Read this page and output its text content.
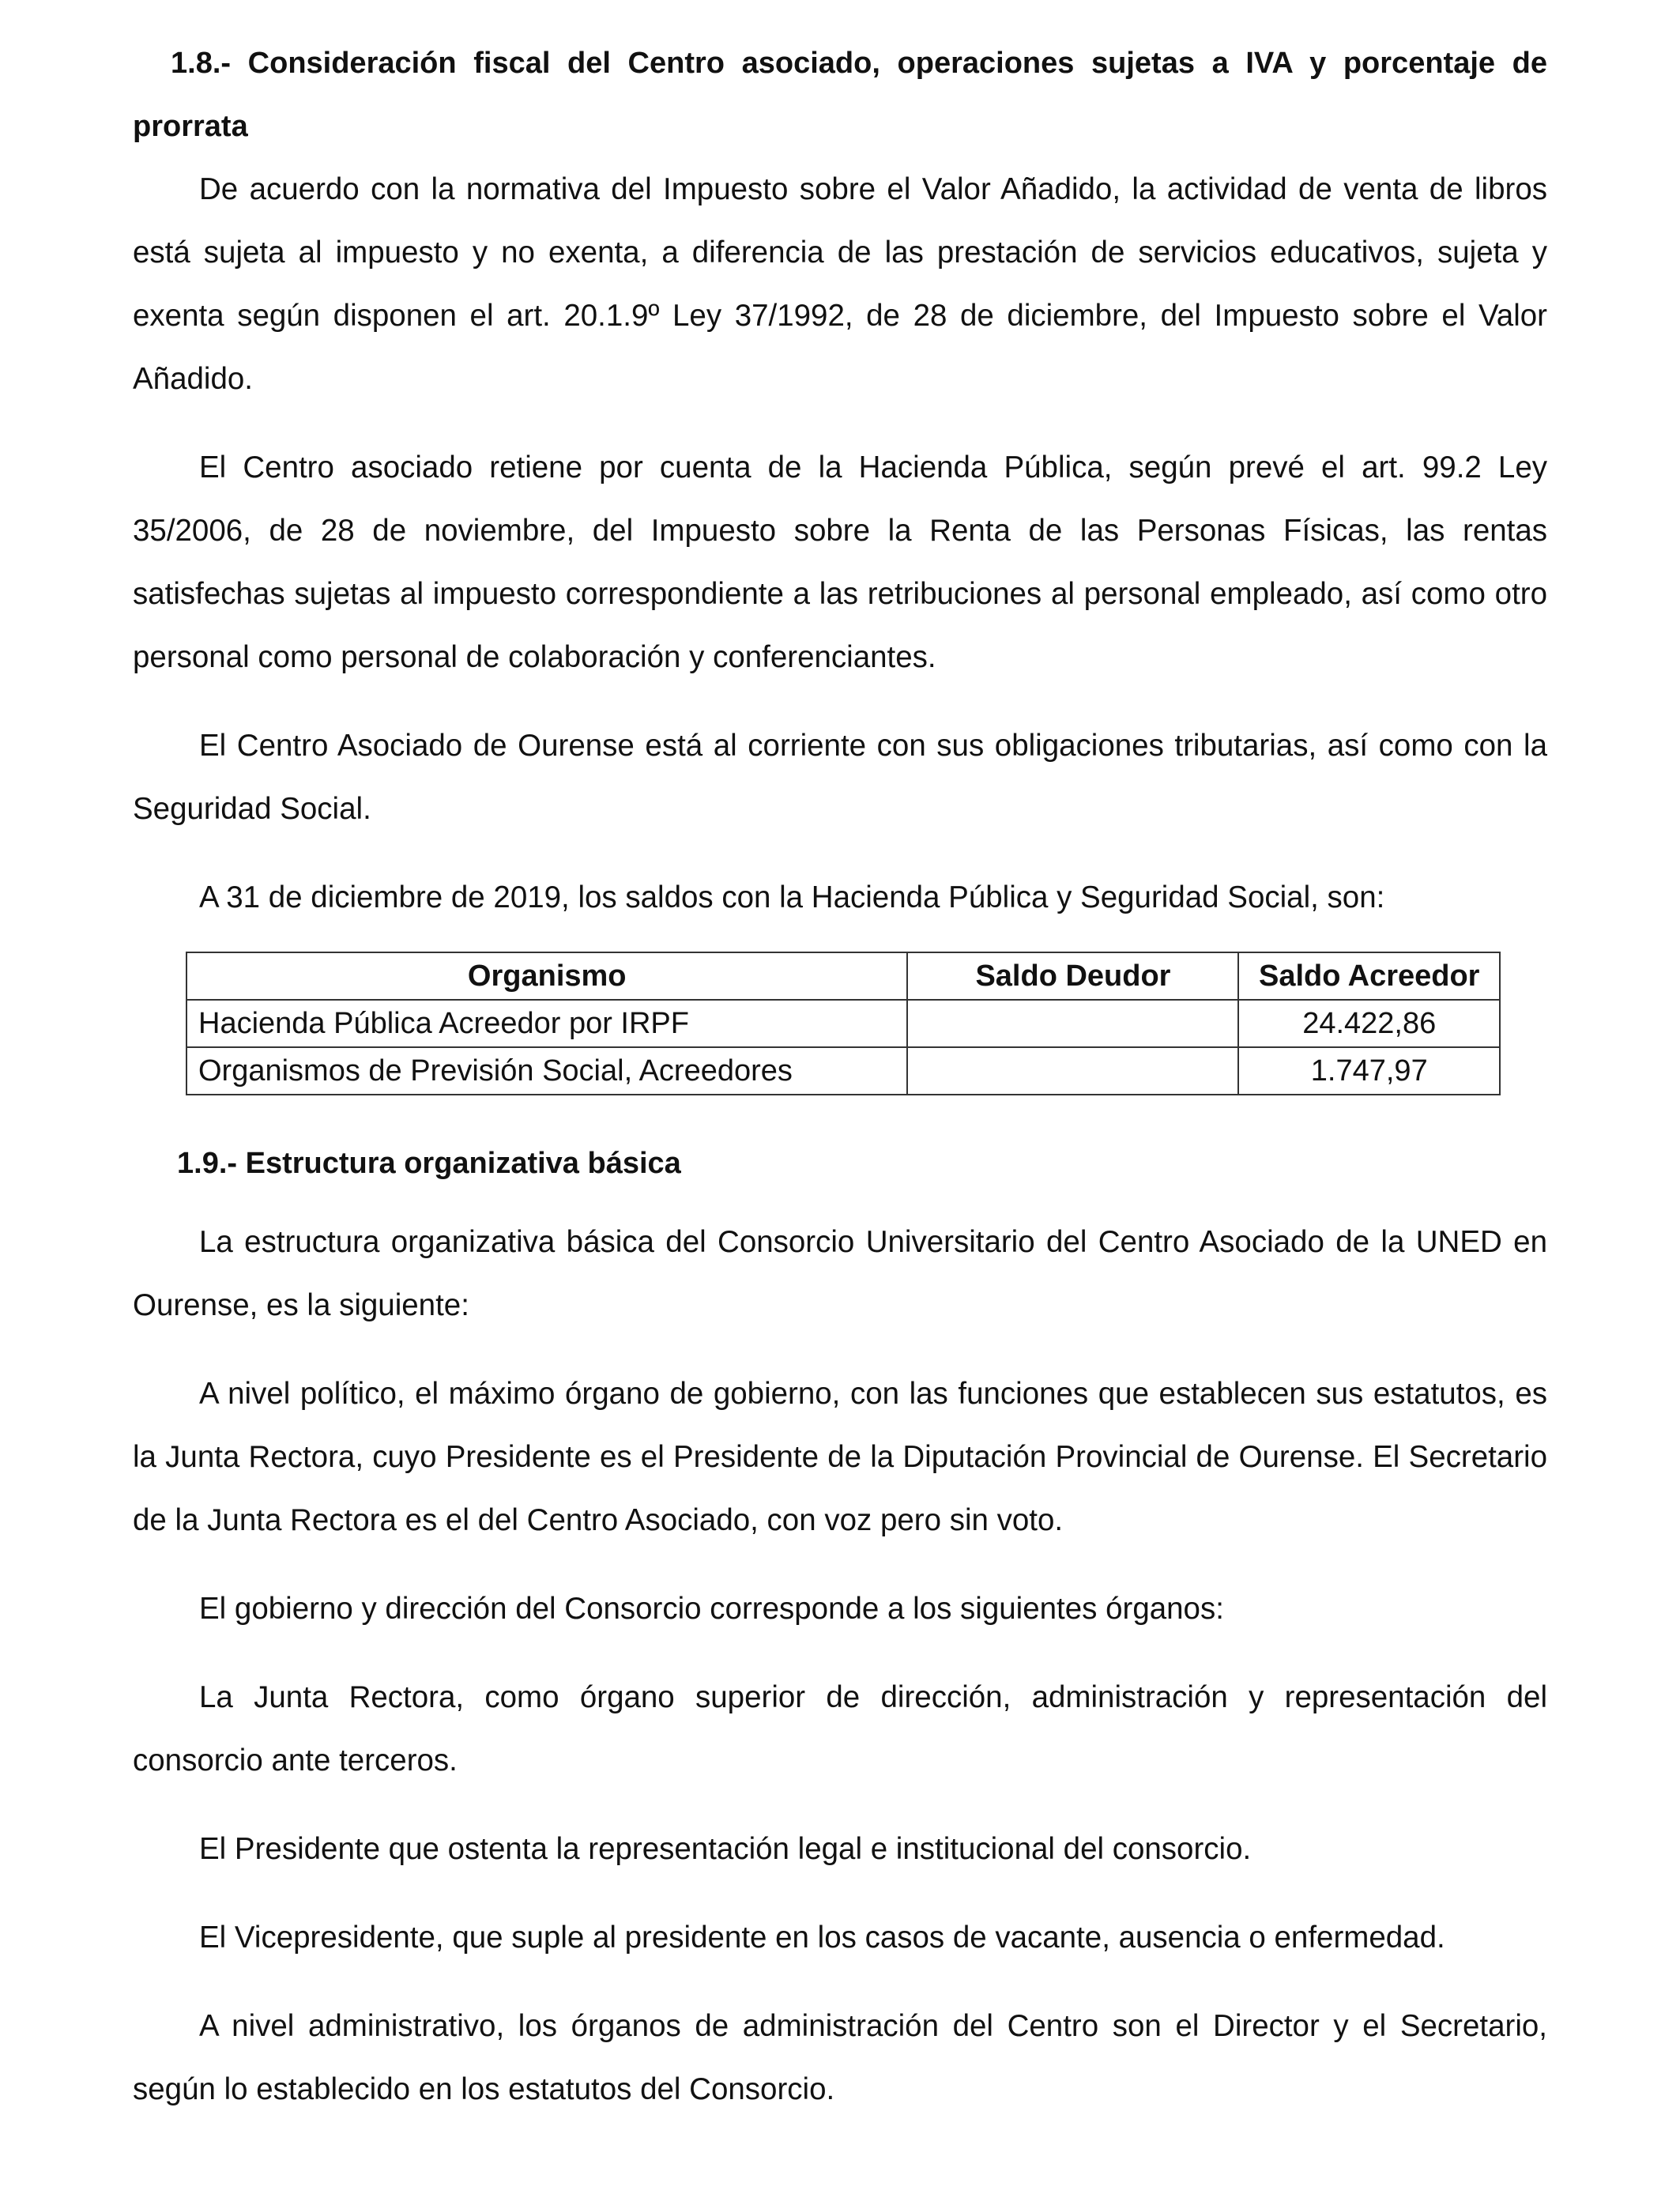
1.8.- Consideración fiscal del Centro asociado, operaciones sujetas a IVA y porcentaje de prorrata

De acuerdo con la normativa del Impuesto sobre el Valor Añadido, la actividad de venta de libros está sujeta al impuesto y no exenta, a diferencia de las prestación de servicios educativos, sujeta y exenta según disponen el art. 20.1.9º Ley 37/1992, de 28 de diciembre, del Impuesto sobre el Valor Añadido.

El Centro asociado retiene por cuenta de la Hacienda Pública, según prevé el art. 99.2 Ley 35/2006, de 28 de noviembre, del Impuesto sobre la Renta de las Personas Físicas, las rentas satisfechas sujetas al impuesto correspondiente a las retribuciones al personal empleado, así como otro personal como personal de colaboración y conferenciantes.

El Centro Asociado de Ourense está al corriente con sus obligaciones tributarias, así como con la Seguridad Social.

A 31 de diciembre de 2019, los saldos con la Hacienda Pública y Seguridad Social, son:

Organismo	Saldo Deudor	Saldo Acreedor
Hacienda Pública Acreedor por IRPF		24.422,86
Organismos de Previsión Social, Acreedores		1.747,97
1.9.- Estructura organizativa básica

La estructura organizativa básica del Consorcio Universitario del Centro Asociado de la UNED en Ourense, es la siguiente:

A nivel político, el máximo órgano de gobierno, con las funciones que establecen sus estatutos, es la Junta Rectora, cuyo Presidente es el Presidente de la Diputación Provincial de Ourense. El Secretario de la Junta Rectora es el del Centro Asociado, con voz pero sin voto.

El gobierno y dirección del Consorcio corresponde a los siguientes órganos:

La Junta Rectora, como órgano superior de dirección, administración y representación del consorcio ante terceros.

El Presidente que ostenta la representación legal e institucional del consorcio.

El Vicepresidente, que suple al presidente en los casos de vacante, ausencia o enfermedad.

A nivel administrativo, los órganos de administración del Centro son el Director y el Secretario, según lo establecido en los estatutos del Consorcio.
